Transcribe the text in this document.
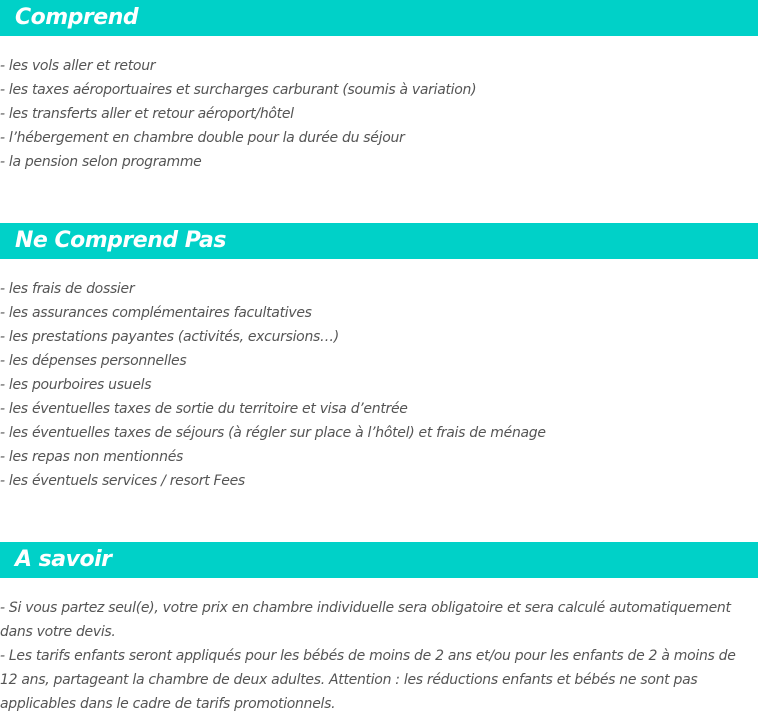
Comprend
- les vols aller et retour
- les taxes aéroportuaires et surcharges carburant (soumis à variation)
- les transferts aller et retour aéroport/hôtel
- l’hébergement en chambre double pour la durée du séjour
- la pension selon programme
Ne Comprend Pas
- les frais de dossier
- les assurances complémentaires facultatives
- les prestations payantes (activités, excursions…)
- les dépenses personnelles
- les pourboires usuels
- les éventuelles taxes de sortie du territoire et visa d’entrée
- les éventuelles taxes de séjours (à régler sur place à l’hôtel) et frais de ménage
- les repas non mentionnés
- les éventuels services / resort Fees
A savoir

- Si vous partez seul(e), votre prix en chambre individuelle sera obligatoire et sera calculé automatiquement dans votre devis.

- Les tarifs enfants seront appliqués pour les bébés de moins de 2 ans et/ou pour les enfants de 2 à moins de 12 ans, partageant la chambre de deux adultes. Attention : les réductions enfants et bébés ne sont pas applicables dans le cadre de tarifs promotionnels.
